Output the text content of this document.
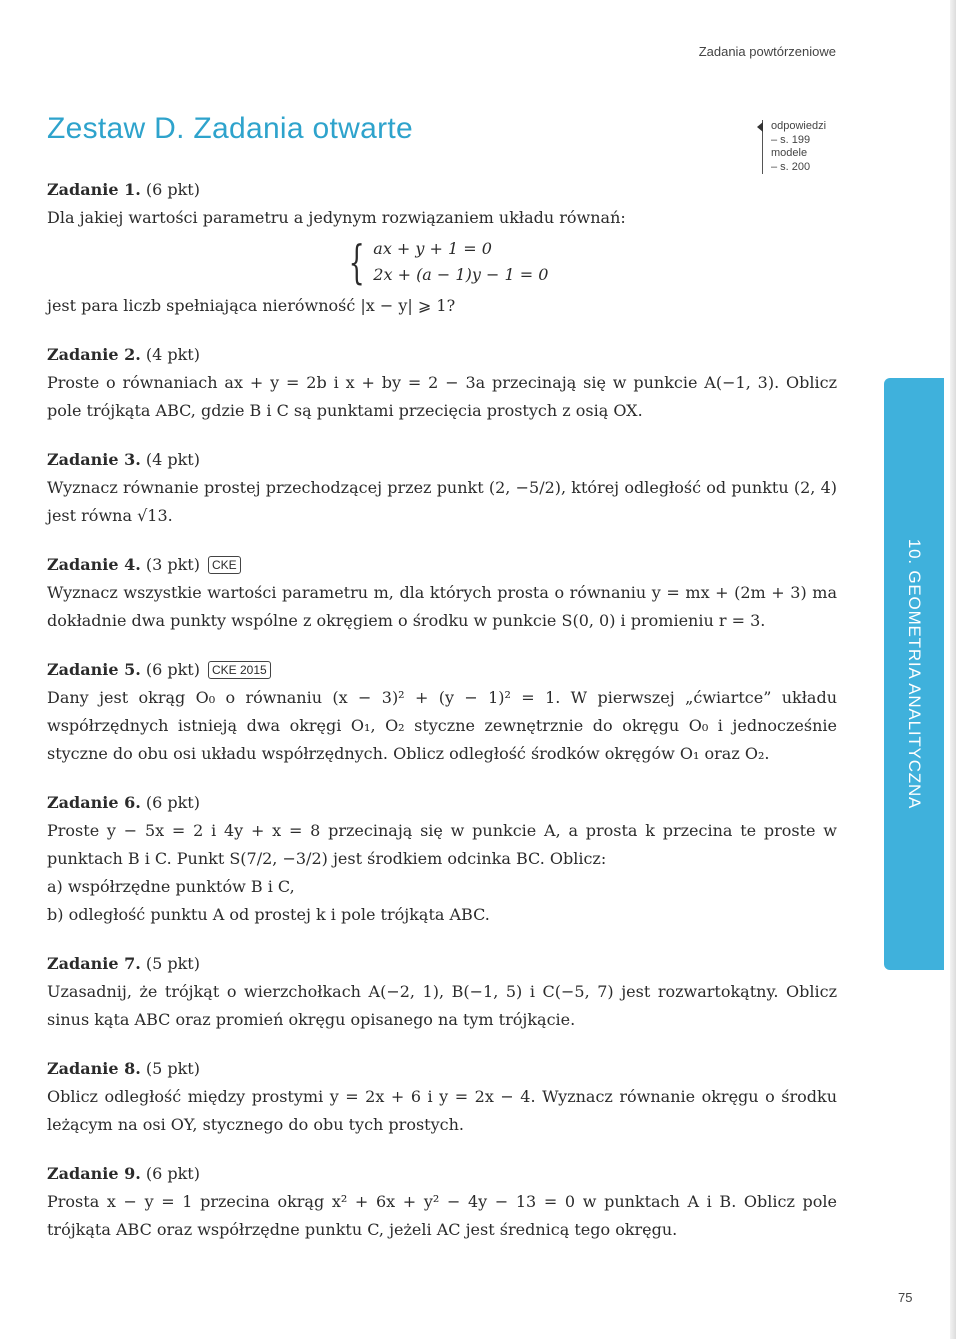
Zadania powtórzeniowe
Zestaw D. Zadania otwarte	odpowiedzi
– s. 199
modele
– s. 200
Zadanie 1. (6 pkt)
Dla jakiej wartości parametru a jedynym rozwiązaniem układu równań:
{ ax + y + 1 = 0
2x + (a − 1)y − 1 = 0
jest para liczb spełniająca nierówność |x − y| ⩾ 1?
Zadanie 2. (4 pkt)
Proste o równaniach ax + y = 2b i x + by = 2 − 3a przecinają się w punkcie A(−1, 3). Oblicz pole trójkąta ABC, gdzie B i C są punktami przecięcia prostych z osią OX.
Zadanie 3. (4 pkt)
Wyznacz równanie prostej przechodzącej przez punkt (2, −5/2), której odległość od punktu (2, 4) jest równa √13.
Zadanie 4. (3 pkt) CKE
Wyznacz wszystkie wartości parametru m, dla których prosta o równaniu y = mx + (2m + 3) ma dokładnie dwa punkty wspólne z okręgiem o środku w punkcie S(0, 0) i promieniu r = 3.
Zadanie 5. (6 pkt) CKE 2015
Dany jest okrąg O₀ o równaniu (x − 3)² + (y − 1)² = 1. W pierwszej „ćwiartce” układu współrzędnych istnieją dwa okręgi O₁, O₂ styczne zewnętrznie do okręgu O₀ i jednocześnie styczne do obu osi układu współrzędnych. Oblicz odległość środków okręgów O₁ oraz O₂.
Zadanie 6. (6 pkt)
Proste y − 5x = 2 i 4y + x = 8 przecinają się w punkcie A, a prosta k przecina te proste w punktach B i C. Punkt S(7/2, −3/2) jest środkiem odcinka BC. Oblicz:
a) współrzędne punktów B i C,
b) odległość punktu A od prostej k i pole trójkąta ABC.
Zadanie 7. (5 pkt)
Uzasadnij, że trójkąt o wierzchołkach A(−2, 1), B(−1, 5) i C(−5, 7) jest rozwartokątny. Oblicz sinus kąta ABC oraz promień okręgu opisanego na tym trójkącie.
Zadanie 8. (5 pkt)
Oblicz odległość między prostymi y = 2x + 6 i y = 2x − 4. Wyznacz równanie okręgu o środku leżącym na osi OY, stycznego do obu tych prostych.
Zadanie 9. (6 pkt)
Prosta x − y = 1 przecina okrąg x² + 6x + y² − 4y − 13 = 0 w punktach A i B. Oblicz pole trójkąta ABC oraz współrzędne punktu C, jeżeli AC jest średnicą tego okręgu.
10. GEOMETRIA ANALITYCZNA
75
